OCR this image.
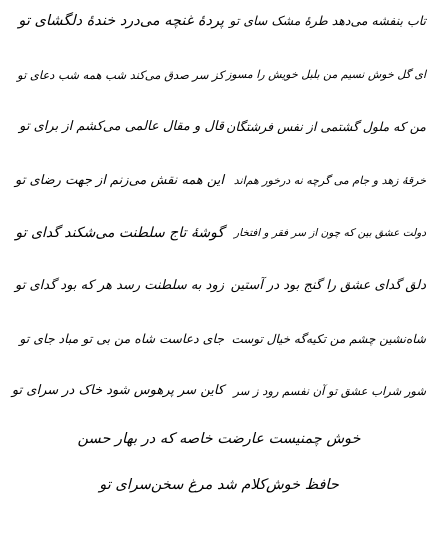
تاب بنفشه می‌دهد طرهٔ مشک سای تو
پردهٔ غنچه می‌درد خندهٔ دلگشای تو
ای گل خوش نسیم من بلبل خویش را مسوز
کز سر صدق می‌کند شب همه شب دعای تو
من که ملول گشتمی از نفس فرشتگان
قال و مقال عالمی می‌کشم از برای تو
خرقهٔ زهد و جام می گرچه نه درخور هم‌اند
این همه نقش می‌زنم از جهت رضای تو
دولت عشق بین که چون از سر فقر و افتخار
گوشهٔ تاج سلطنت می‌شکند گدای تو
دلق گدای عشق را گنج بود در آستین
زود به سلطنت رسد هر که بود گدای تو
شاه‌نشین چشم من تکیه‌گه خیال توست
جای دعاست شاه من بی تو مباد جای تو
شور شراب عشق تو آن نفسم رود ز سر
کاین سر پرهوس شود خاک در سرای تو
خوش چمنیست عارضت خاصه که در بهار حسن
حافظ خوش‌کلام شد مرغ سخن‌سرای تو
